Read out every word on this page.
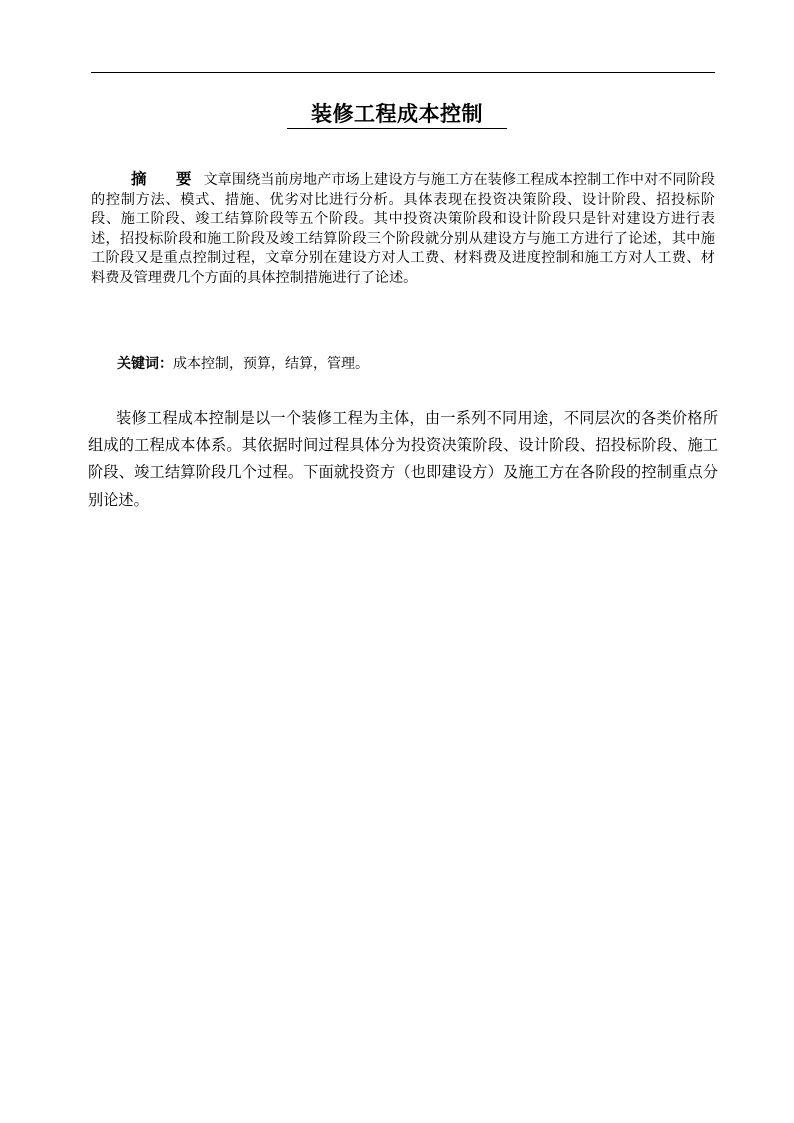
装修工程成本控制

摘 要文章围绕当前房地产市场上建设方与施工方在装修工程成本控制工作中对不同阶段的控制方法、模式、措施、优劣对比进行分析。具体表现在投资决策阶段、设计阶段、招投标阶段、施工阶段、竣工结算阶段等五个阶段。其中投资决策阶段和设计阶段只是针对建设方进行表述，招投标阶段和施工阶段及竣工结算阶段三个阶段就分别从建设方与施工方进行了论述，其中施工阶段又是重点控制过程，文章分别在建设方对人工费、材料费及进度控制和施工方对人工费、材料费及管理费几个方面的具体控制措施进行了论述。

关键词：成本控制，预算，结算，管理。

装修工程成本控制是以一个装修工程为主体，由一系列不同用途，不同层次的各类价格所组成的工程成本体系。其依据时间过程具体分为投资决策阶段、设计阶段、招投标阶段、施工阶段、竣工结算阶段几个过程。下面就投资方（也即建设方）及施工方在各阶段的控制重点分别论述。
